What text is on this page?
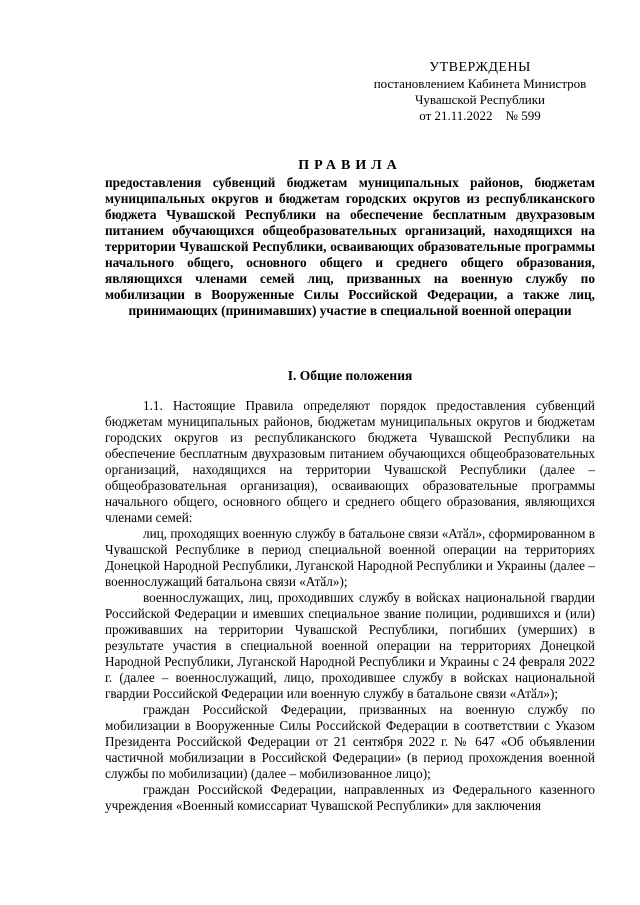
УТВЕРЖДЕНЫ
постановлением Кабинета Министров
Чувашской Республики
от 21.11.2022    № 599
ПРАВИЛА
предоставления субвенций бюджетам муниципальных районов, бюджетам муниципальных округов и бюджетам городских округов из республиканского бюджета Чувашской Республики на обеспечение бесплатным двухразовым питанием обучающихся общеобразовательных организаций, находящихся на территории Чувашской Республики, осваивающих образовательные программы начального общего, основного общего и среднего общего образования, являющихся членами семей лиц, призванных на военную службу по мобилизации в Вооруженные Силы Российской Федерации, а также лиц, принимающих (принимавших) участие в специальной военной операции
I. Общие положения

1.1. Настоящие Правила определяют порядок предоставления субвенций бюджетам муниципальных районов, бюджетам муниципальных округов и бюджетам городских округов из республиканского бюджета Чувашской Республики на обеспечение бесплатным двухразовым питанием обучающихся общеобразовательных организаций, находящихся на территории Чувашской Республики (далее – общеобразовательная организация), осваивающих образовательные программы начального общего, основного общего и среднего общего образования, являющихся членами семей:

лиц, проходящих военную службу в батальоне связи «Атӑл», сформированном в Чувашской Республике в период специальной военной операции на территориях Донецкой Народной Республики, Луганской Народной Республики и Украины (далее – военнослужащий батальона связи «Атӑл»);

военнослужащих, лиц, проходивших службу в войсках национальной гвардии Российской Федерации и имевших специальное звание полиции, родившихся и (или) проживавших на территории Чувашской Республики, погибших (умерших) в результате участия в специальной военной операции на территориях Донецкой Народной Республики, Луганской Народной Республики и Украины с 24 февраля 2022 г. (далее – военнослужащий, лицо, проходившее службу в войсках национальной гвардии Российской Федерации или военную службу в батальоне связи «Атӑл»);

граждан Российской Федерации, призванных на военную службу по мобилизации в Вооруженные Силы Российской Федерации в соответствии с Указом Президента Российской Федерации от 21 сентября 2022 г. № 647 «Об объявлении частичной мобилизации в Российской Федерации» (в период прохождения военной службы по мобилизации) (далее – мобилизованное лицо);

граждан Российской Федерации, направленных из Федерального казенного учреждения «Военный комиссариат Чувашской Республики» для заключения
